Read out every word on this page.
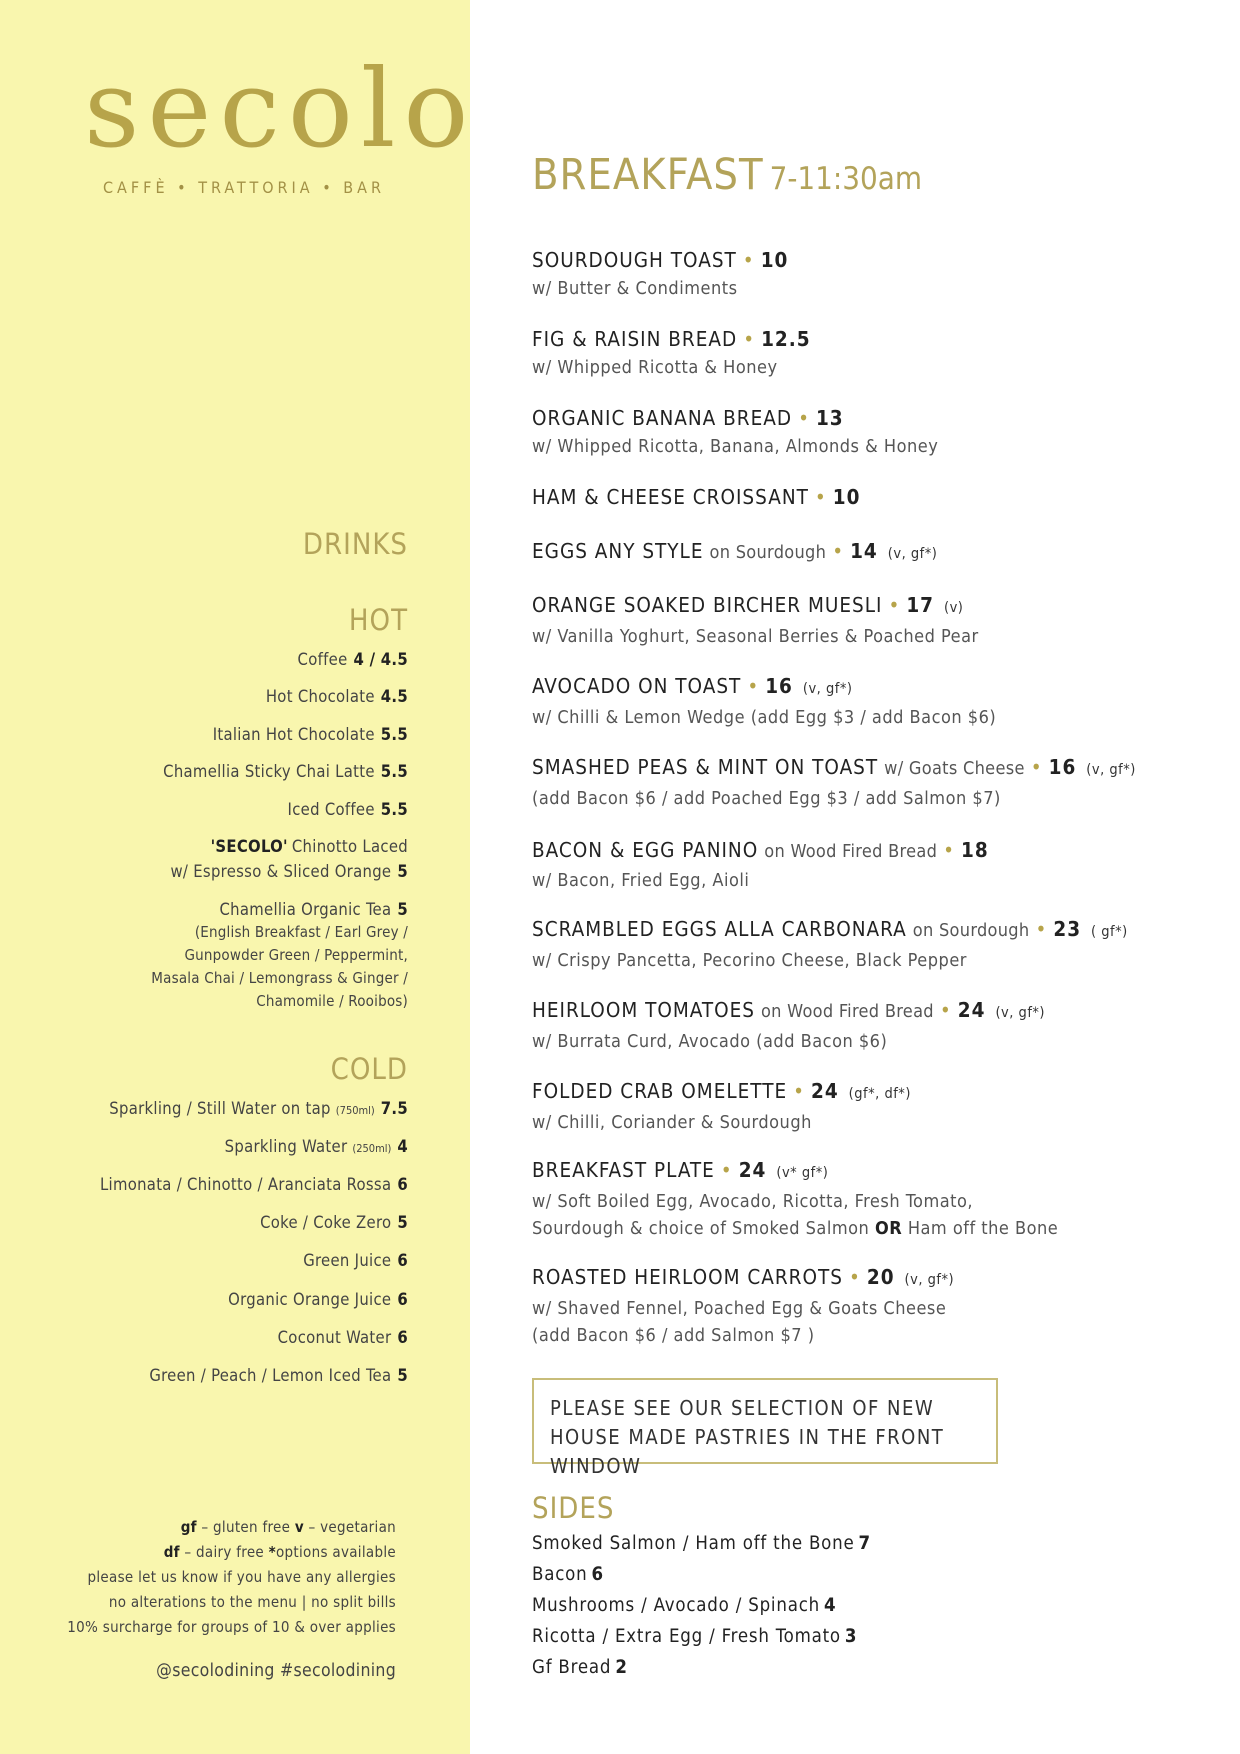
secolo
CAFFÈ • TRATTORIA • BAR
DRINKS
HOT
Coffee 4 / 4.5
Hot Chocolate 4.5
Italian Hot Chocolate 5.5
Chamellia Sticky Chai Latte 5.5
Iced Coffee 5.5
'SECOLO' Chinotto Laced
w/ Espresso & Sliced Orange 5
Chamellia Organic Tea 5
(English Breakfast / Earl Grey /
Gunpowder Green / Peppermint,
Masala Chai / Lemongrass & Ginger /
Chamomile / Rooibos)
COLD
Sparkling / Still Water on tap (750ml) 7.5
Sparkling Water (250ml) 4
Limonata / Chinotto / Aranciata Rossa 6
Coke / Coke Zero 5
Green Juice 6
Organic Orange Juice 6
Coconut Water 6
Green / Peach / Lemon Iced Tea 5
gf – gluten free v – vegetarian
df – dairy free *options available
please let us know if you have any allergies
no alterations to the menu | no split bills
10% surcharge for groups of 10 & over applies
@secolodining #secolodining
BREAKFAST 7-11:30am
SOURDOUGH TOAST • 10
w/ Butter & Condiments
FIG & RAISIN BREAD • 12.5
w/ Whipped Ricotta & Honey
ORGANIC BANANA BREAD • 13
w/ Whipped Ricotta, Banana, Almonds & Honey
HAM & CHEESE CROISSANT • 10
EGGS ANY STYLE on Sourdough • 14 (v, gf*)
ORANGE SOAKED BIRCHER MUESLI • 17 (v)
w/ Vanilla Yoghurt, Seasonal Berries & Poached Pear
AVOCADO ON TOAST • 16 (v, gf*)
w/ Chilli & Lemon Wedge (add Egg $3 / add Bacon $6)
SMASHED PEAS & MINT ON TOAST w/ Goats Cheese • 16 (v, gf*)
(add Bacon $6 / add Poached Egg $3 / add Salmon $7)
BACON & EGG PANINO on Wood Fired Bread • 18
w/ Bacon, Fried Egg, Aioli
SCRAMBLED EGGS ALLA CARBONARA on Sourdough • 23 ( gf*)
w/ Crispy Pancetta, Pecorino Cheese, Black Pepper
HEIRLOOM TOMATOES on Wood Fired Bread • 24 (v, gf*)
w/ Burrata Curd, Avocado (add Bacon $6)
FOLDED CRAB OMELETTE • 24 (gf*, df*)
w/ Chilli, Coriander & Sourdough
BREAKFAST PLATE • 24 (v* gf*)
w/ Soft Boiled Egg, Avocado, Ricotta, Fresh Tomato,
Sourdough & choice of Smoked Salmon OR Ham off the Bone
ROASTED HEIRLOOM CARROTS • 20 (v, gf*)
w/ Shaved Fennel, Poached Egg & Goats Cheese
(add Bacon $6 / add Salmon $7 )
PLEASE SEE OUR SELECTION OF NEW
HOUSE MADE PASTRIES IN THE FRONT WINDOW
SIDES
Smoked Salmon / Ham off the Bone 7
Bacon 6
Mushrooms / Avocado / Spinach 4
Ricotta / Extra Egg / Fresh Tomato 3
Gf Bread 2
